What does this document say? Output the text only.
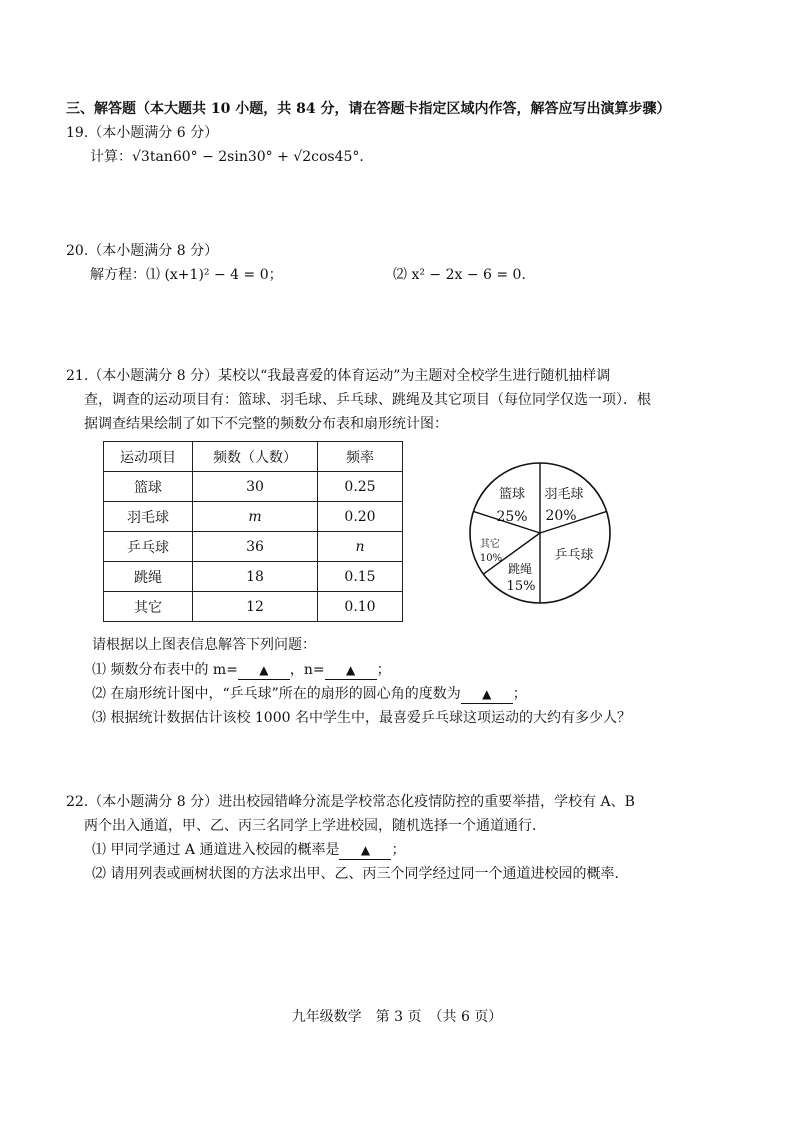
三、解答题（本大题共 10 小题，共 84 分，请在答题卡指定区域内作答，解答应写出演算步骤）
19.（本小题满分 6 分）
计算：√3tan60° − 2sin30° + √2cos45°．
20.（本小题满分 8 分）
解方程：⑴ (x+1)² − 4 = 0；	⑵ x² − 2x − 6 = 0．
21.（本小题满分 8 分）某校以“我最喜爱的体育运动”为主题对全校学生进行随机抽样调
查，调查的运动项目有：篮球、羽毛球、乒乓球、跳绳及其它项目（每位同学仅选一项）．根
据调查结果绘制了如下不完整的频数分布表和扇形统计图：
运动项目	频数（人数）	频率
篮球	30	0.25
羽毛球	m	0.20
乒乓球	36	n
跳绳	18	0.15
其它	12	0.10
篮球
25%
羽毛球
20%
乒乓球
跳绳
15%
其它
10%
请根据以上图表信息解答下列问题：
⑴ 频数分布表中的 m= ▲ ，n= ▲ ；
⑵ 在扇形统计图中，“乒乓球”所在的扇形的圆心角的度数为 ▲ ；
⑶ 根据统计数据估计该校 1000 名中学生中，最喜爱乒乓球这项运动的大约有多少人？
22.（本小题满分 8 分）进出校园错峰分流是学校常态化疫情防控的重要举措，学校有 A、B
两个出入通道，甲、乙、丙三名同学上学进校园，随机选择一个通道通行．
⑴ 甲同学通过 A 通道进入校园的概率是 ▲ ；
⑵ 请用列表或画树状图的方法求出甲、乙、丙三个同学经过同一个通道进校园的概率．
九年级数学　第 3 页　（共 6 页）
